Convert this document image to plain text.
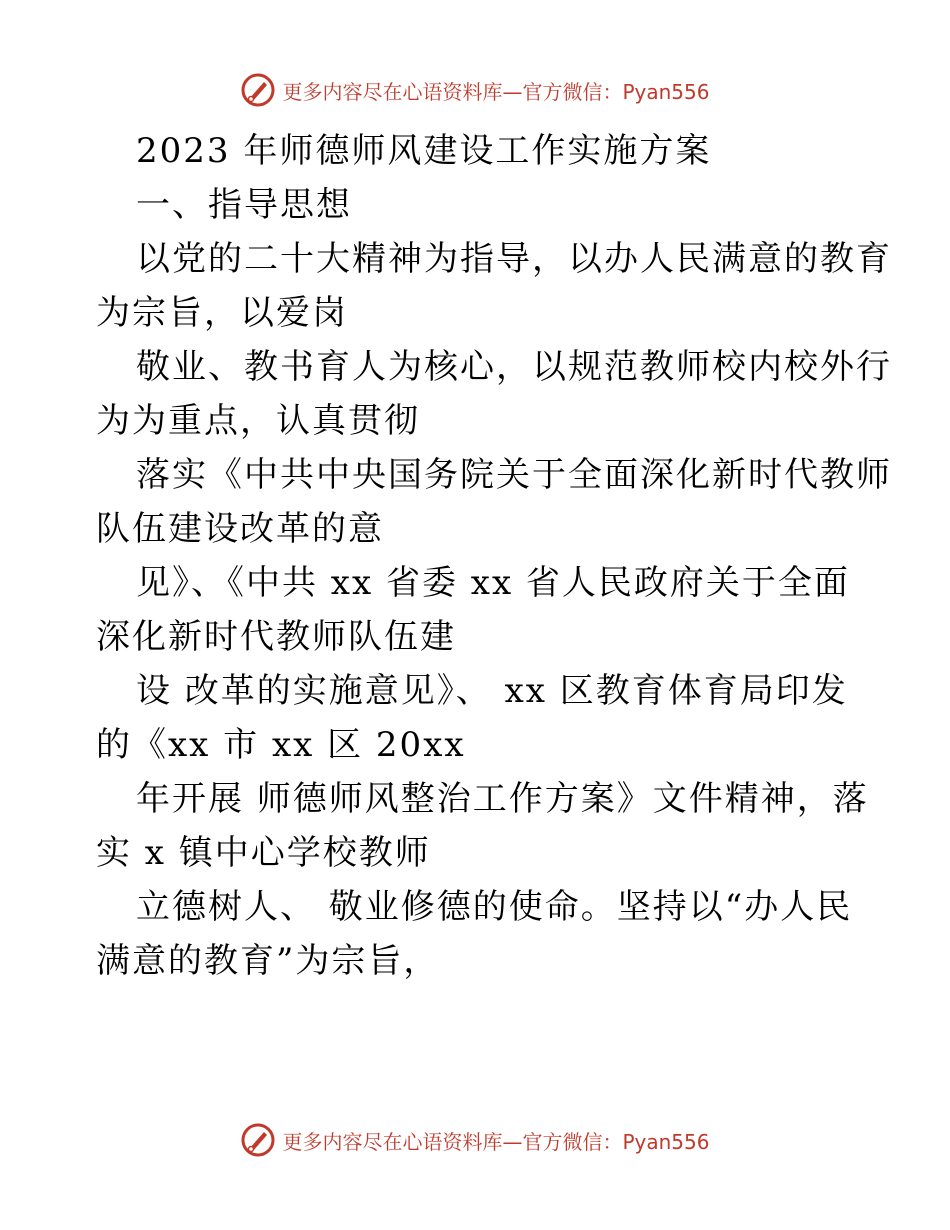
更多内容尽在心语资料库—官方微信：Pyan556
2023 年师德师风建设工作实施方案
一、指导思想

以党的二十大精神为指导，以办人民满意的教育
为宗旨，以爱岗

敬业、教书育人为核心，以规范教师校内校外行
为为重点，认真贯彻

落实《中共中央国务院关于全面深化新时代教师
队伍建设改革的意

见》、《中共 xx 省委 xx 省人民政府关于全面
深化新时代教师队伍建

设 改革的实施意见》、 xx 区教育体育局印发
的《xx 市 xx 区 20xx

年开展 师德师风整治工作方案》文件精神，落
实 x 镇中心学校教师

立德树人、 敬业修德的使命。坚持以“办人民
满意的教育”为宗旨，

更多内容尽在心语资料库—官方微信：Pyan556
